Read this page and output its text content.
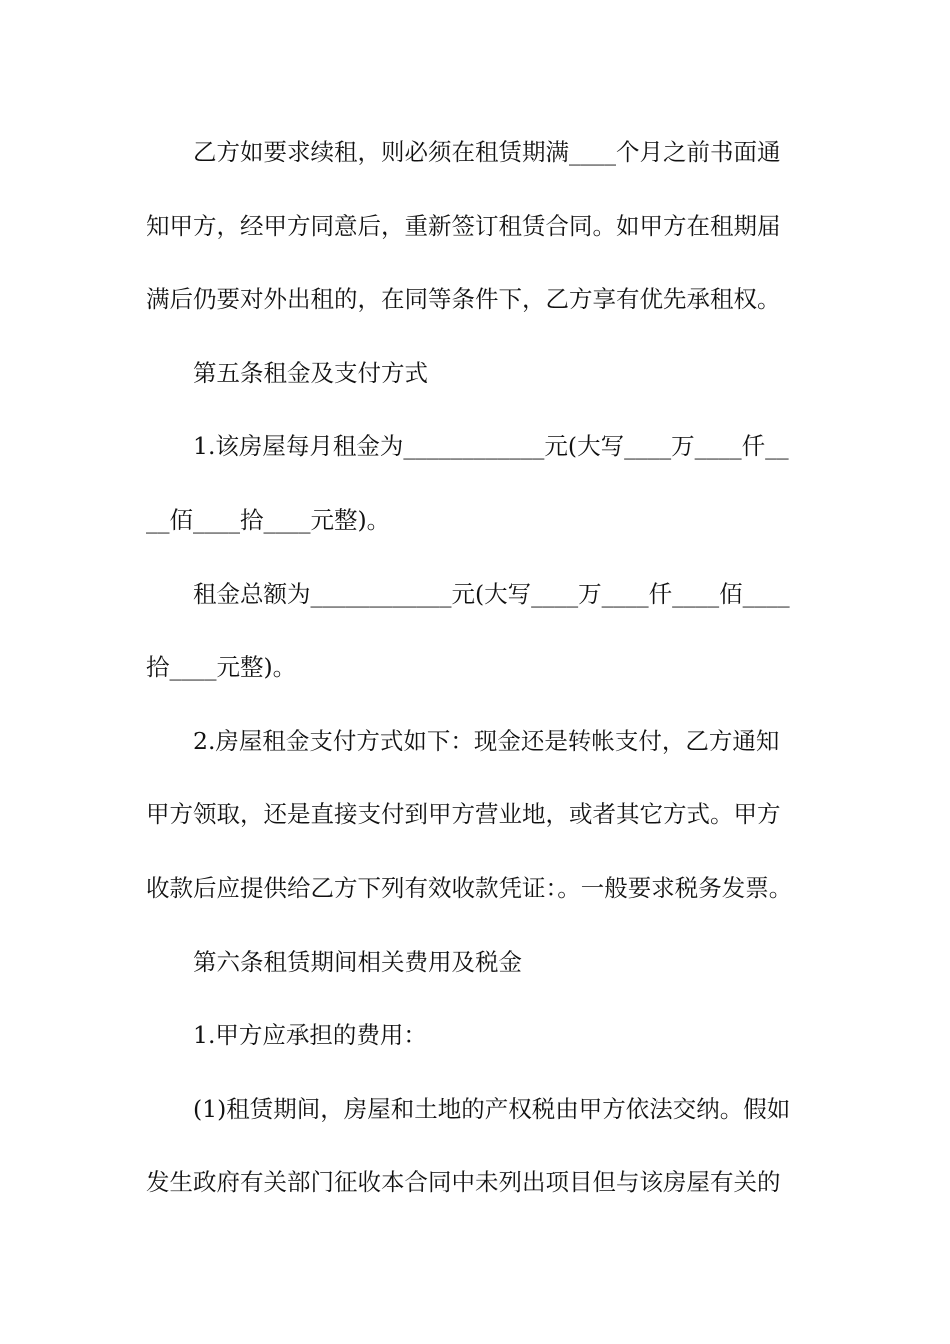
乙方如要求续租，则必须在租赁期满____个月之前书面通
知甲方，经甲方同意后，重新签订租赁合同。如甲方在租期届
满后仍要对外出租的，在同等条件下，乙方享有优先承租权。
第五条租金及支付方式
1.该房屋每月租金为____________元(大写____万____仟__
__佰____拾____元整)。
租金总额为____________元(大写____万____仟____佰____
拾____元整)。
2.房屋租金支付方式如下：现金还是转帐支付，乙方通知
甲方领取，还是直接支付到甲方营业地，或者其它方式。甲方
收款后应提供给乙方下列有效收款凭证：。一般要求税务发票。
第六条租赁期间相关费用及税金
1.甲方应承担的费用：
(1)租赁期间，房屋和土地的产权税由甲方依法交纳。假如
发生政府有关部门征收本合同中未列出项目但与该房屋有关的
